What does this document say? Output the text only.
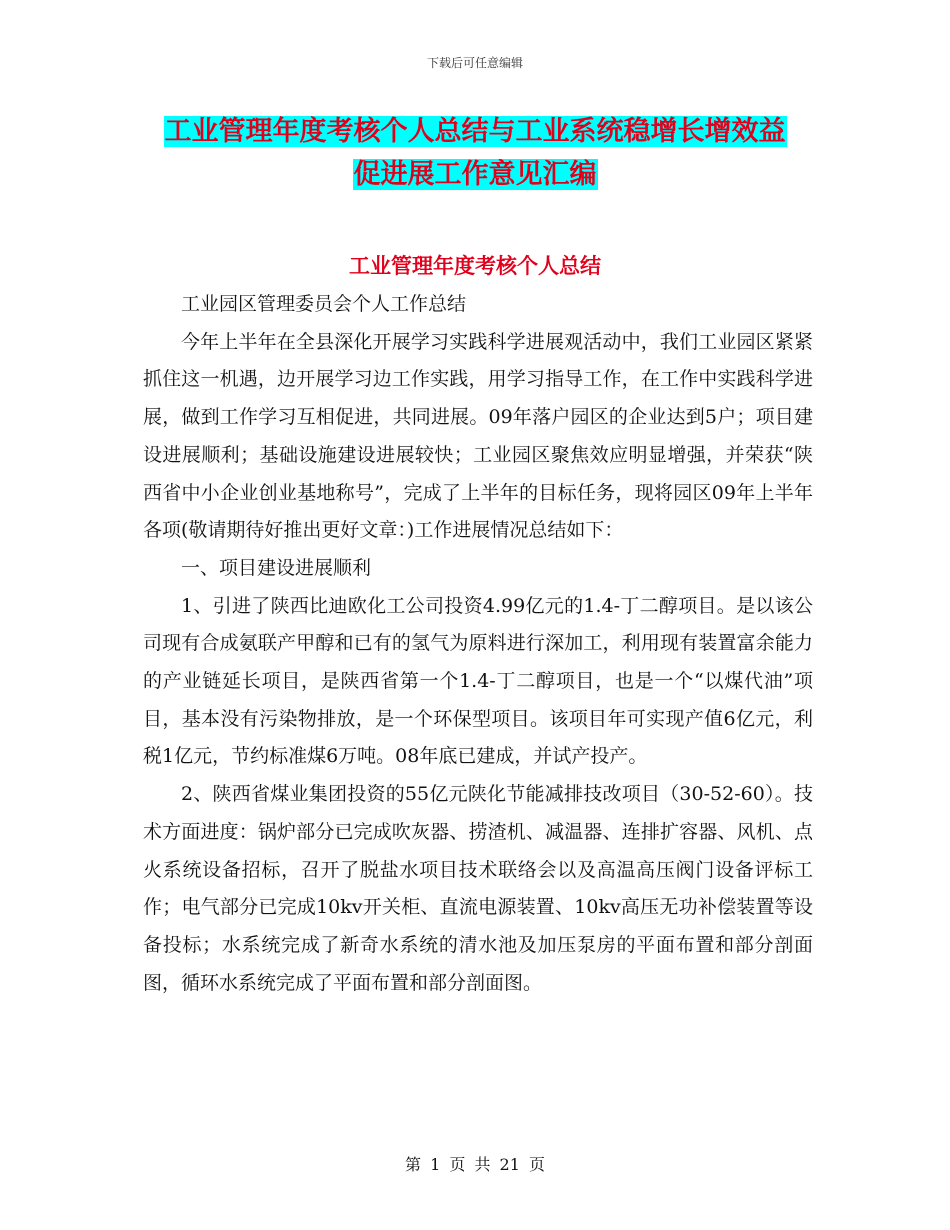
下载后可任意编辑
工业管理年度考核个人总结与工业系统稳增长增效益
促进展工作意见汇编
工业管理年度考核个人总结

工业园区管理委员会个人工作总结

今年上半年在全县深化开展学习实践科学进展观活动中，我们工业园区紧紧抓住这一机遇，边开展学习边工作实践，用学习指导工作，在工作中实践科学进展，做到工作学习互相促进，共同进展。09年落户园区的企业达到5户；项目建设进展顺利；基础设施建设进展较快；工业园区聚焦效应明显增强，并荣获“陕西省中小企业创业基地称号”，完成了上半年的目标任务，现将园区09年上半年各项(敬请期待好推出更好文章：)工作进展情况总结如下：

一、项目建设进展顺利

1、引进了陕西比迪欧化工公司投资4.99亿元的1.4-丁二醇项目。是以该公司现有合成氨联产甲醇和已有的氢气为原料进行深加工，利用现有装置富余能力的产业链延长项目，是陕西省第一个1.4-丁二醇项目，也是一个“以煤代油”项目，基本没有污染物排放，是一个环保型项目。该项目年可实现产值6亿元，利税1亿元，节约标准煤6万吨。08年底已建成，并试产投产。

2、陕西省煤业集团投资的55亿元陕化节能减排技改项目（30-52-60）。技术方面进度：锅炉部分已完成吹灰器、捞渣机、减温器、连排扩容器、风机、点火系统设备招标，召开了脱盐水项目技术联络会以及高温高压阀门设备评标工作；电气部分已完成10kv开关柜、直流电源装置、10kv高压无功补偿装置等设备投标；水系统完成了新奇水系统的清水池及加压泵房的平面布置和部分剖面图，循环水系统完成了平面布置和部分剖面图。

第 1 页 共 21 页
